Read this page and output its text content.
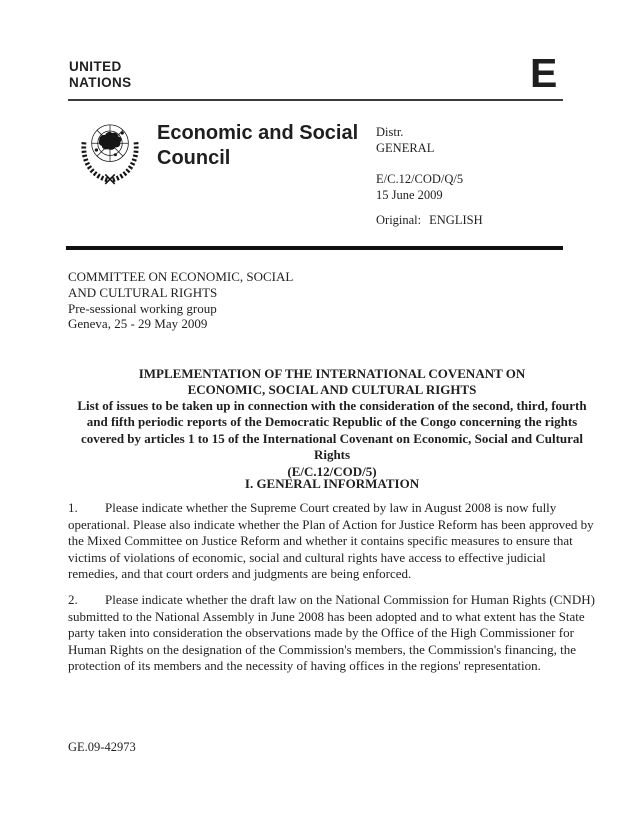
UNITED
NATIONS	E
Economic and Social Council
Distr.
GENERAL
E/C.12/COD/Q/5
15 June 2009
Original: ENGLISH
COMMITTEE ON ECONOMIC, SOCIAL
AND CULTURAL RIGHTS
Pre-sessional working group
Geneva, 25 - 29 May 2009
IMPLEMENTATION OF THE INTERNATIONAL COVENANT ON
ECONOMIC, SOCIAL AND CULTURAL RIGHTS
List of issues to be taken up in connection with the consideration of the second, third, fourth and fifth periodic reports of the Democratic Republic of the Congo concerning the rights covered by articles 1 to 15 of the International Covenant on Economic, Social and Cultural Rights
(E/C.12/COD/5)
I. GENERAL INFORMATION

1. Please indicate whether the Supreme Court created by law in August 2008 is now fully operational. Please also indicate whether the Plan of Action for Justice Reform has been approved by the Mixed Committee on Justice Reform and whether it contains specific measures to ensure that victims of violations of economic, social and cultural rights have access to effective judicial remedies, and that court orders and judgments are being enforced.

2. Please indicate whether the draft law on the National Commission for Human Rights (CNDH) submitted to the National Assembly in June 2008 has been adopted and to what extent has the State party taken into consideration the observations made by the Office of the High Commissioner for Human Rights on the designation of the Commission's members, the Commission's financing, the protection of its members and the necessity of having offices in the regions' representation.

GE.09-42973
